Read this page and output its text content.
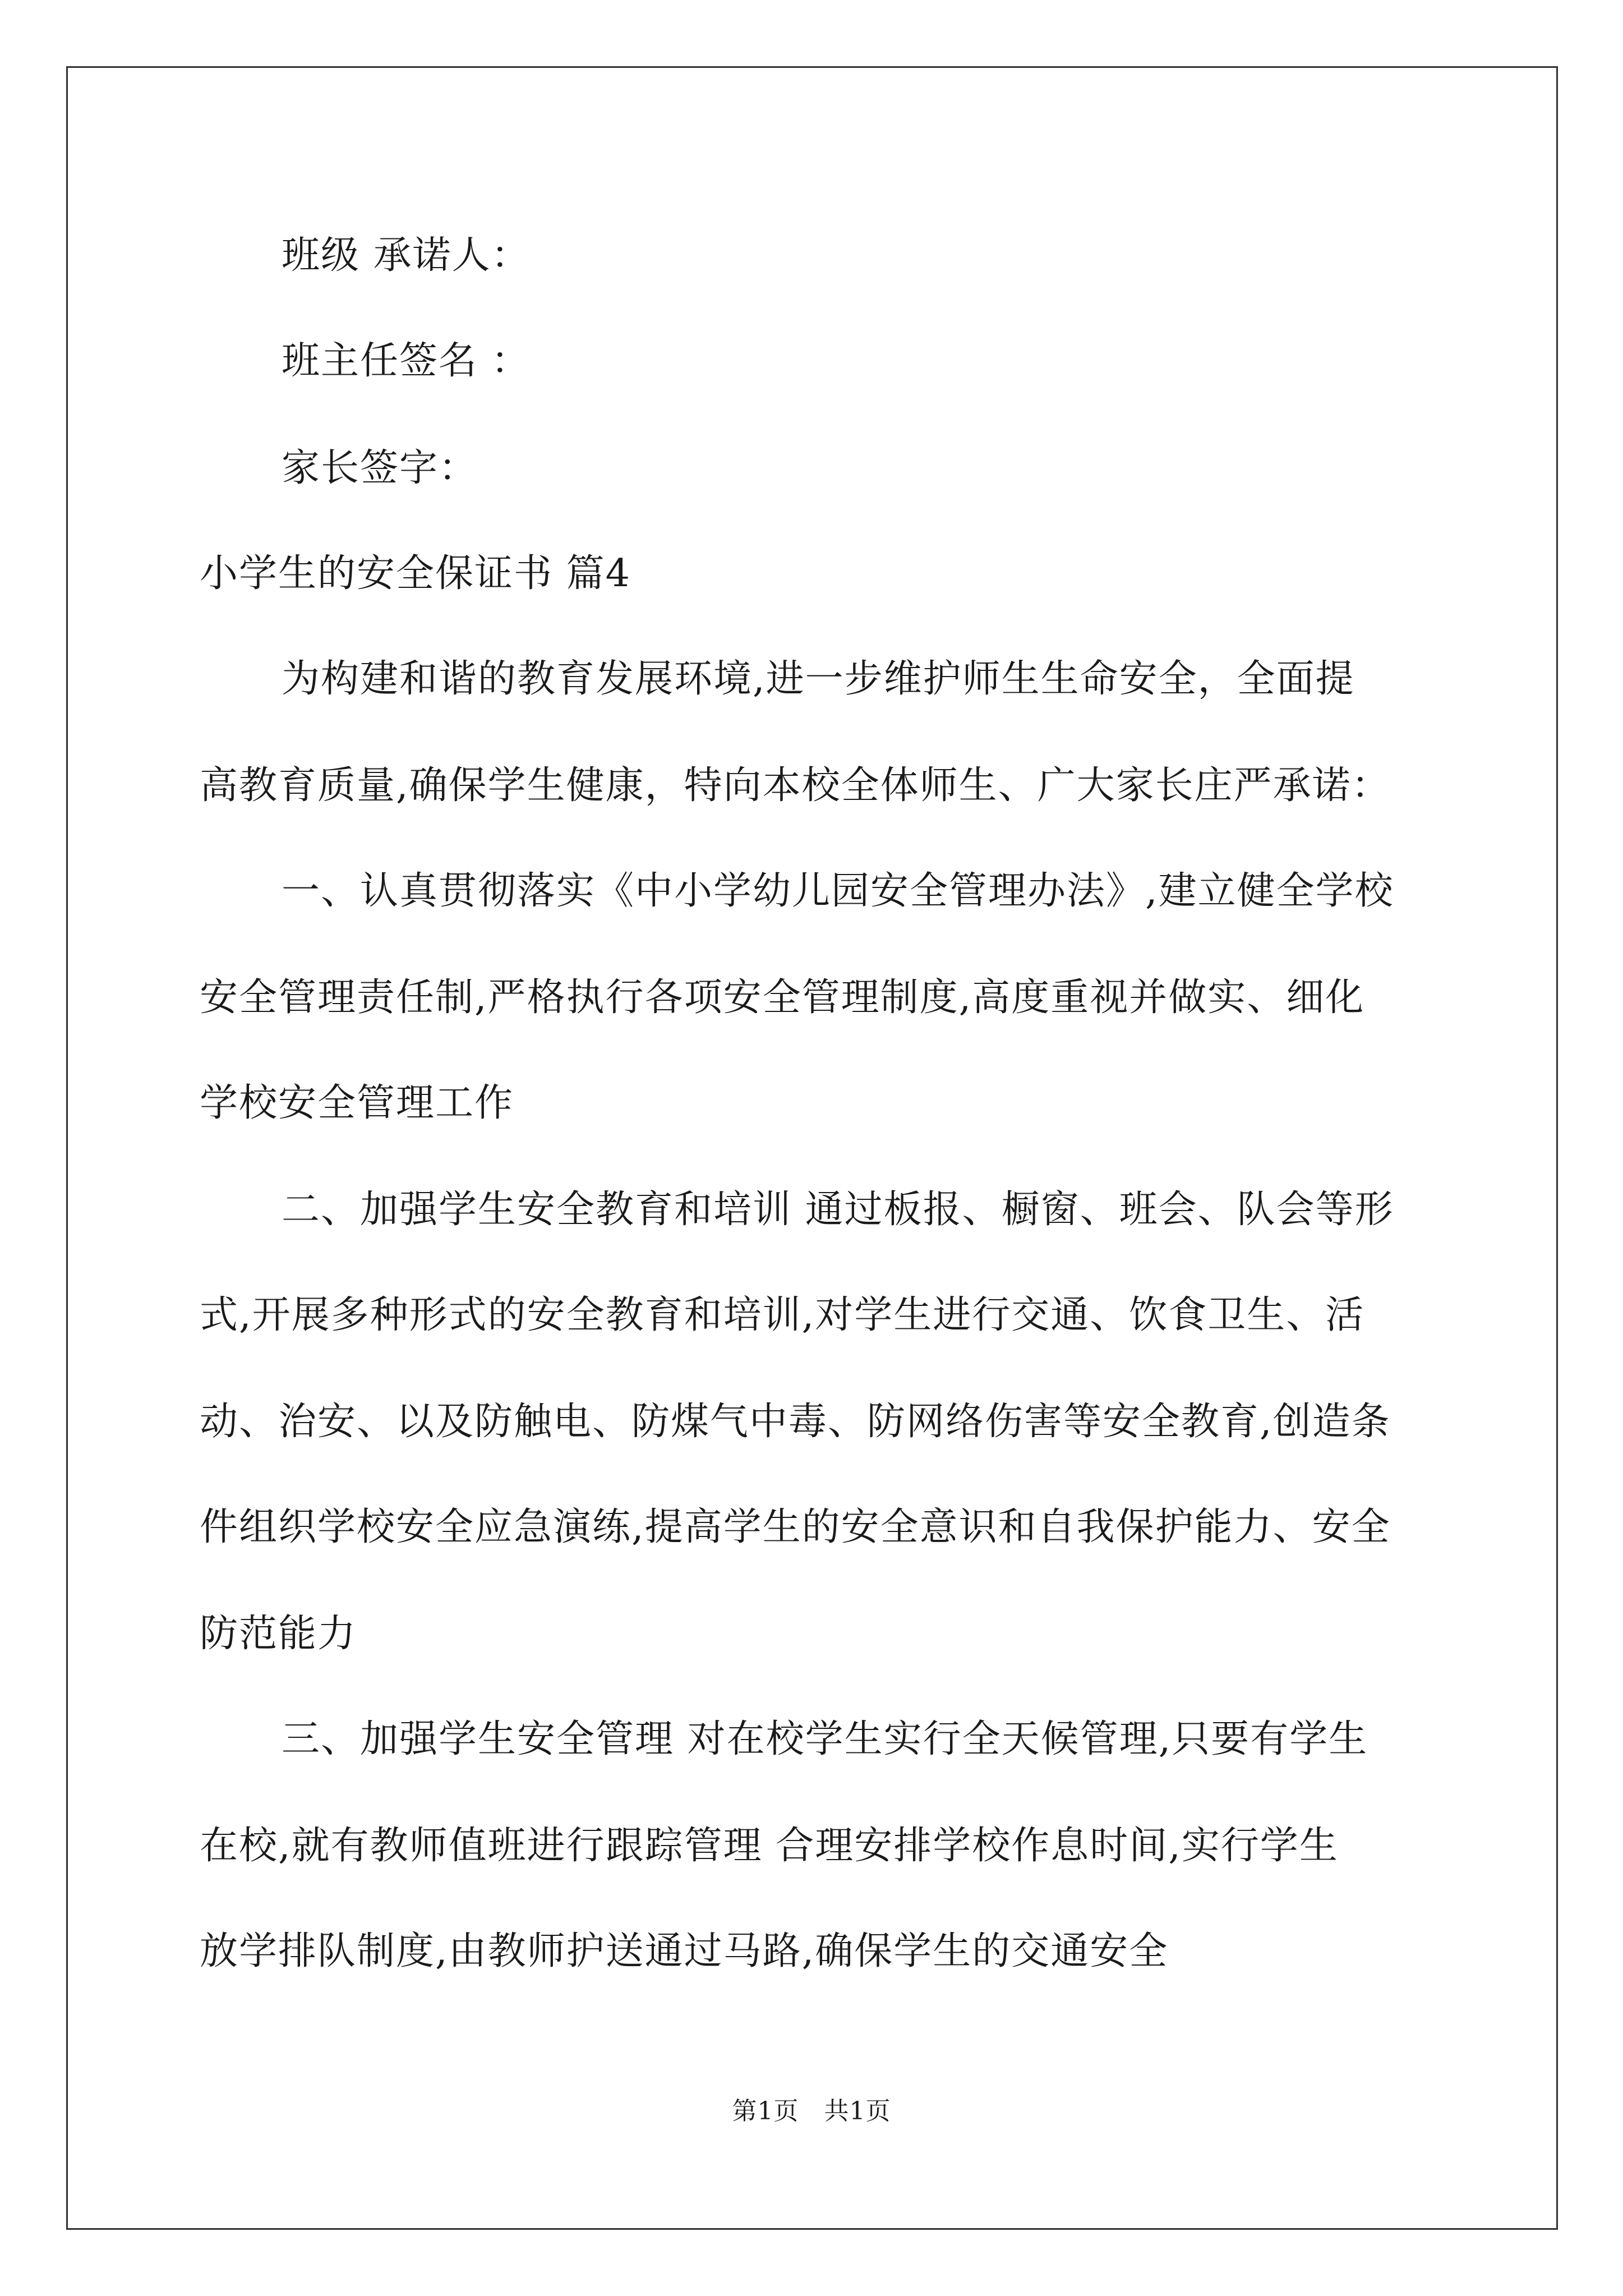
班级 承诺人：
班主任签名 ：
家长签字：
小学生的安全保证书 篇4
为构建和谐的教育发展环境,进一步维护师生生命安全，全面提
高教育质量,确保学生健康，特向本校全体师生、广大家长庄严承诺：
一、认真贯彻落实《中小学幼儿园安全管理办法》,建立健全学校
安全管理责任制,严格执行各项安全管理制度,高度重视并做实、细化
学校安全管理工作
二、加强学生安全教育和培训 通过板报、橱窗、班会、队会等形
式,开展多种形式的安全教育和培训,对学生进行交通、饮食卫生、活
动、治安、以及防触电、防煤气中毒、防网络伤害等安全教育,创造条
件组织学校安全应急演练,提高学生的安全意识和自我保护能力、安全
防范能力
三、加强学生安全管理 对在校学生实行全天候管理,只要有学生
在校,就有教师值班进行跟踪管理 合理安排学校作息时间,实行学生
放学排队制度,由教师护送通过马路,确保学生的交通安全
第1页　共1页
